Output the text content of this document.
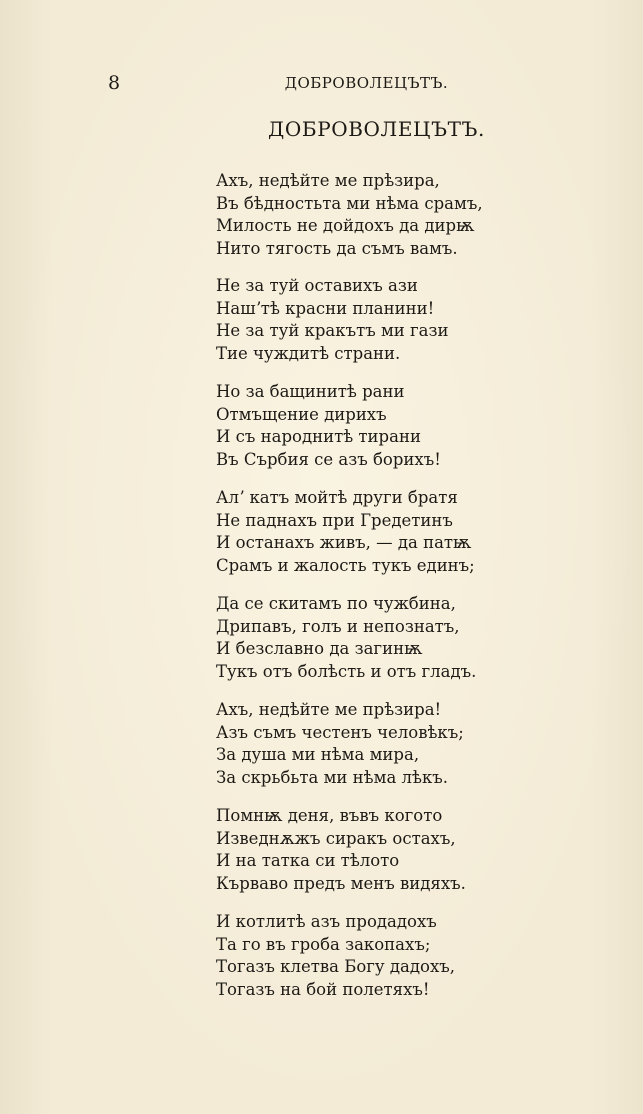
8	ДОБРОВОЛЕЦЪТЪ.
ДОБРОВОЛЕЦЪТЪ.
Ахъ, недѣйте ме прѣзира,
Въ бѣдностьта ми нѣма срамъ,
Милость не дойдохъ да дирѭ
Нито тягость да съмъ вамъ.
Не за туй оставихъ ази
Нашʼтѣ красни планини!
Не за туй кракътъ ми гази
Тие чуждитѣ страни.
Но за бащинитѣ рани
Отмъщение дирихъ
И съ народнитѣ тирани
Въ Сърбия се азъ борихъ!
Алʼ катъ мойтѣ други братя
Не паднахъ при Гредетинъ
И останахъ живъ, — да патѭ
Срамъ и жалость тукъ единъ;
Да се скитамъ по чужбина,
Дрипавъ, голъ и непознатъ,
И безславно да загинѭ
Тукъ отъ болѣсть и отъ гладъ.
Ахъ, недѣйте ме прѣзира!
Азъ съмъ честенъ человѣкъ;
За душа ми нѣма мира,
За скрьбьта ми нѣма лѣкъ.
Помнѭ деня, въвъ когото
Изведнѫжъ сиракъ остахъ,
И на татка си тѣлото
Кърваво предъ менъ видяхъ.
И котлитѣ азъ продадохъ
Та го въ гроба закопахъ;
Тогазъ клетва Богу дадохъ,
Тогазъ на бой полетяхъ!
